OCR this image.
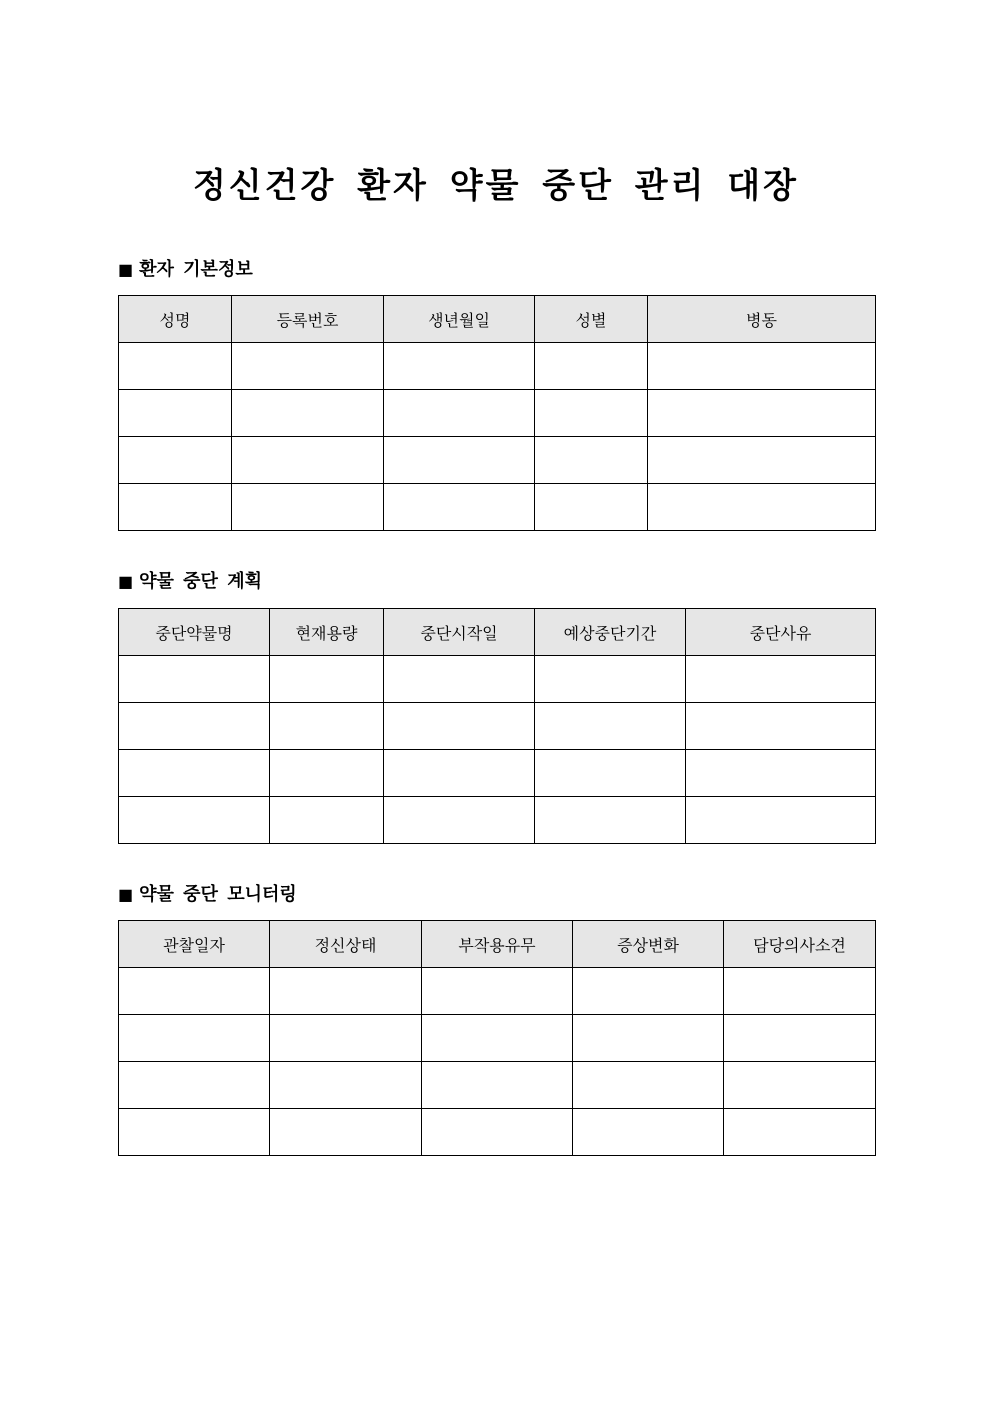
정신건강 환자 약물 중단 관리 대장
■ 환자 기본정보
성명	등록번호	생년월일	성별	병동

■ 약물 중단 계획
중단약물명	현재용량	중단시작일	예상중단기간	중단사유

■ 약물 중단 모니터링
관찰일자	정신상태	부작용유무	증상변화	담당의사소견
